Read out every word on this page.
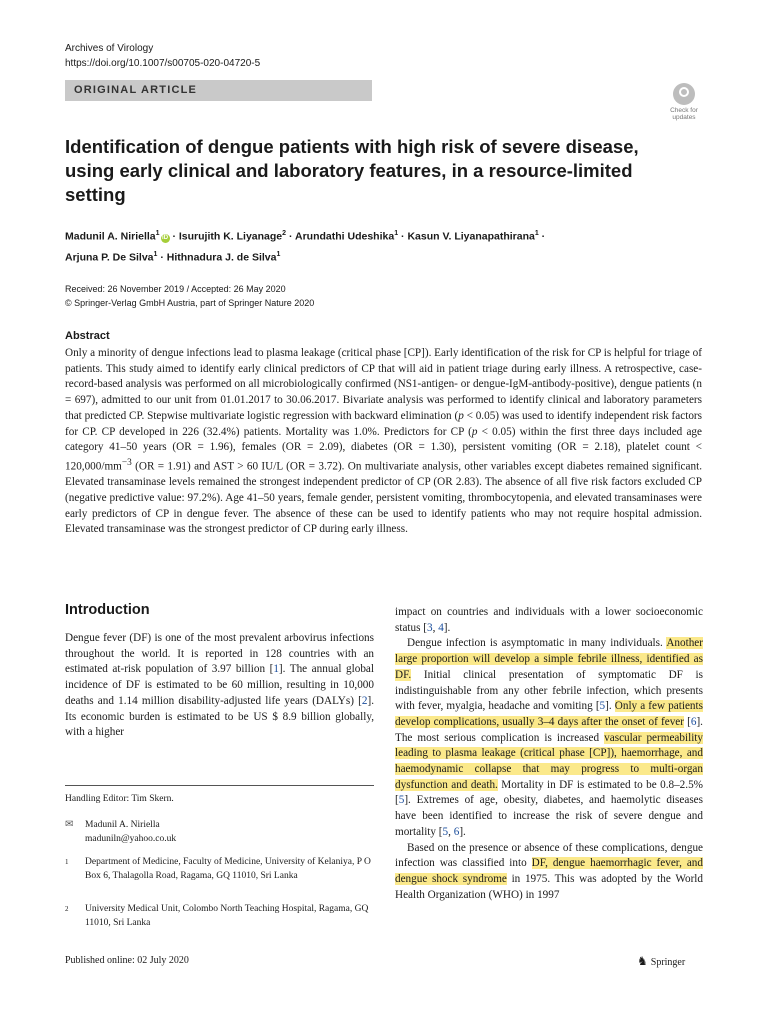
Archives of Virology
https://doi.org/10.1007/s00705-020-04720-5
ORIGINAL ARTICLE
Check for updates
Identification of dengue patients with high risk of severe disease, using early clinical and laboratory features, in a resource-limited setting
Madunil A. Niriella$^1$iD · Isurujith K. Liyanage$^2$ · Arundathi Udeshika$^1$ · Kasun V. Liyanapathirana$^1$ ·
Arjuna P. De Silva$^1$ · Hithnadura J. de Silva$^1$
Received: 26 November 2019 / Accepted: 26 May 2020
© Springer-Verlag GmbH Austria, part of Springer Nature 2020
Abstract
Only a minority of dengue infections lead to plasma leakage (critical phase [CP]). Early identification of the risk for CP is helpful for triage of patients. This study aimed to identify early clinical predictors of CP that will aid in patient triage during early illness. A retrospective, case-record-based analysis was performed on all microbiologically confirmed (NS1-antigen- or dengue-IgM-antibody-positive), dengue patients (n = 697), admitted to our unit from 01.01.2017 to 30.06.2017. Bivariate analysis was performed to identify clinical and laboratory parameters that predicted CP. Stepwise multivariate logistic regression with backward elimination (p < 0.05) was used to identify independent risk factors for CP. CP developed in 226 (32.4%) patients. Mortality was 1.0%. Predictors for CP (p < 0.05) within the first three days included age category 41–50 years (OR = 1.96), females (OR = 2.09), diabetes (OR = 1.30), persistent vomiting (OR = 2.18), platelet count < $120,000/mm^{-3}$ (OR = 1.91) and AST > 60 IU/L (OR = 3.72). On multivariate analysis, other variables except diabetes remained significant. Elevated transaminase levels remained the strongest independent predictor of CP (OR 2.83). The absence of all five risk factors excluded CP (negative predictive value: 97.2%). Age 41–50 years, female gender, persistent vomiting, thrombocytopenia, and elevated transaminases were early predictors of CP in dengue fever. The absence of these can be used to identify patients who may not require hospital admission. Elevated transaminase was the strongest predictor of CP during early illness.
Introduction

Dengue fever (DF) is one of the most prevalent arbovirus infections throughout the world. It is reported in 128 countries with an estimated at-risk population of 3.97 billion [1]. The annual global incidence of DF is estimated to be 60 million, resulting in 10,000 deaths and 1.14 million disability-adjusted life years (DALYs) [2]. Its economic burden is estimated to be US $ 8.9 billion globally, with a higher

impact on countries and individuals with a lower socioeconomic status [3, 4].

Dengue infection is asymptomatic in many individuals. Another large proportion will develop a simple febrile illness, identified as DF. Initial clinical presentation of symptomatic DF is indistinguishable from any other febrile infection, which presents with fever, myalgia, headache and vomiting [5]. Only a few patients develop complications, usually 3–4 days after the onset of fever [6]. The most serious complication is increased vascular permeability leading to plasma leakage (critical phase [CP]), haemorrhage, and haemodynamic collapse that may progress to multi-organ dysfunction and death. Mortality in DF is estimated to be 0.8–2.5% [5]. Extremes of age, obesity, diabetes, and haemolytic diseases have been identified to increase the risk of severe dengue and mortality [5, 6].

Based on the presence or absence of these complications, dengue infection was classified into DF, dengue haemorrhagic fever, and dengue shock syndrome in 1975. This was adopted by the World Health Organization (WHO) in 1997

Handling Editor: Tim Skern.
✉ Madunil A. Niriella
maduniln@yahoo.co.uk
1 Department of Medicine, Faculty of Medicine, University of Kelaniya, P O Box 6, Thalagolla Road, Ragama, GQ 11010, Sri Lanka
2 University Medical Unit, Colombo North Teaching Hospital, Ragama, GQ 11010, Sri Lanka
Published online: 02 July 2020	♞ Springer
